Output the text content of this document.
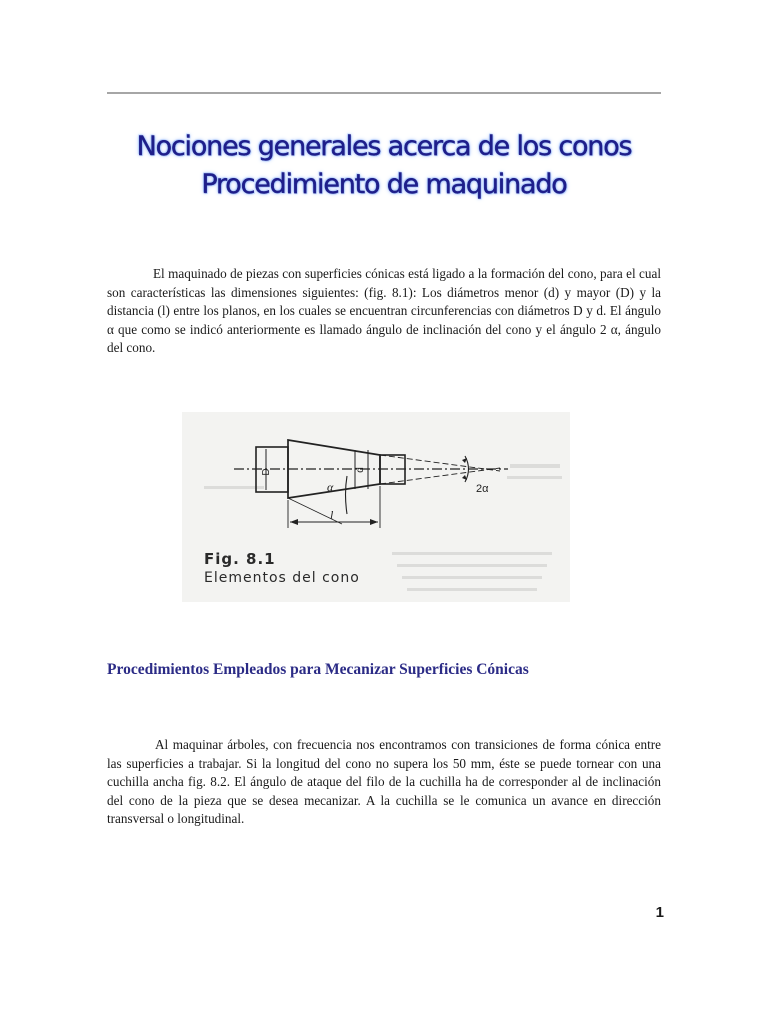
Nociones generales acerca de los conos
Procedimiento de maquinado

El maquinado de piezas con superficies cónicas está ligado a la formación del cono, para el cual son características las dimensiones siguientes: (fig. 8.1): Los diámetros menor (d) y mayor (D) y la distancia (l) entre los planos, en los cuales se encuentran circunferencias con diámetros D y d. El ángulo α que como se indicó anteriormente es llamado ángulo de inclinación del cono y el ángulo 2 α, ángulo del cono.

D	d
α
l
2α
Fig. 8.1
Elementos del cono
Procedimientos Empleados para Mecanizar Superficies Cónicas

Al maquinar árboles, con frecuencia nos encontramos con transiciones de forma cónica entre las superficies a trabajar. Si la longitud del cono no supera los 50 mm, éste se puede tornear con una cuchilla ancha fig. 8.2. El ángulo de ataque del filo de la cuchilla ha de corresponder al de inclinación del cono de la pieza que se desea mecanizar. A la cuchilla se le comunica un avance en dirección transversal o longitudinal.

1
